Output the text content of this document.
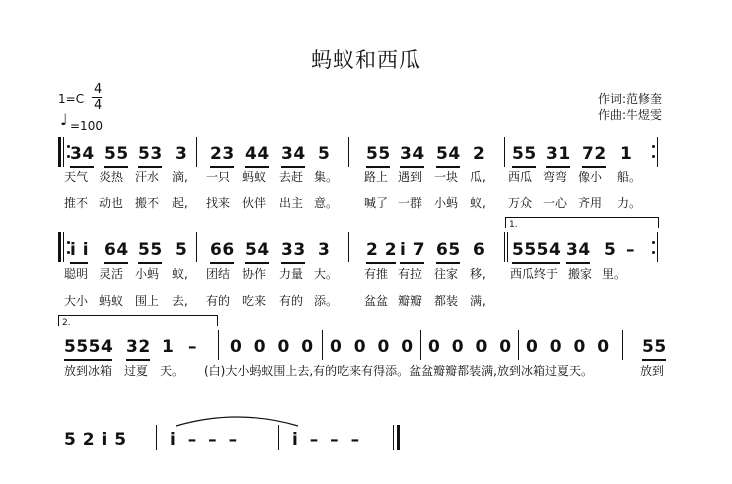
蚂蚁和西瓜
1=C
4
4
♩ =100
作词:范修奎
作曲:牛煜雯
34 55 53 3 23 44 34 5 55 34 54 2 55 31 72 1
天气 炎热 汗水 滴, 一只 蚂蚁 去赶 集。 路上 遇到 一块 瓜, 西瓜 弯弯 像小 船。
推不 动也 搬不 起, 找来 伙伴 出主 意。 喊了 一群 小蚂 蚁, 万众 一心 齐用 力。
1.
i i 64 55 5 66 54 33 3 2 2 i 7 65 6 5554 34 5 –
聪明 灵活 小蚂 蚁, 团结 协作 力量 大。 有推 有拉 往家 移, 西瓜终于 搬家 里。
大小 蚂蚁 围上 去, 有的 吃来 有的 添。 盆盆 瓣瓣 都装 满,
2.
5554 32 1 – 0 0 0 0 0 0 0 0 0 0 0 0 0 0 0 0 55
放到冰箱 过夏 天。 (白)大小蚂蚁围上去,有的吃来有得添。盆盆瓣瓣都装满,放到冰箱过夏天。	放到
5 2 i 5	i – – –	i – – –
